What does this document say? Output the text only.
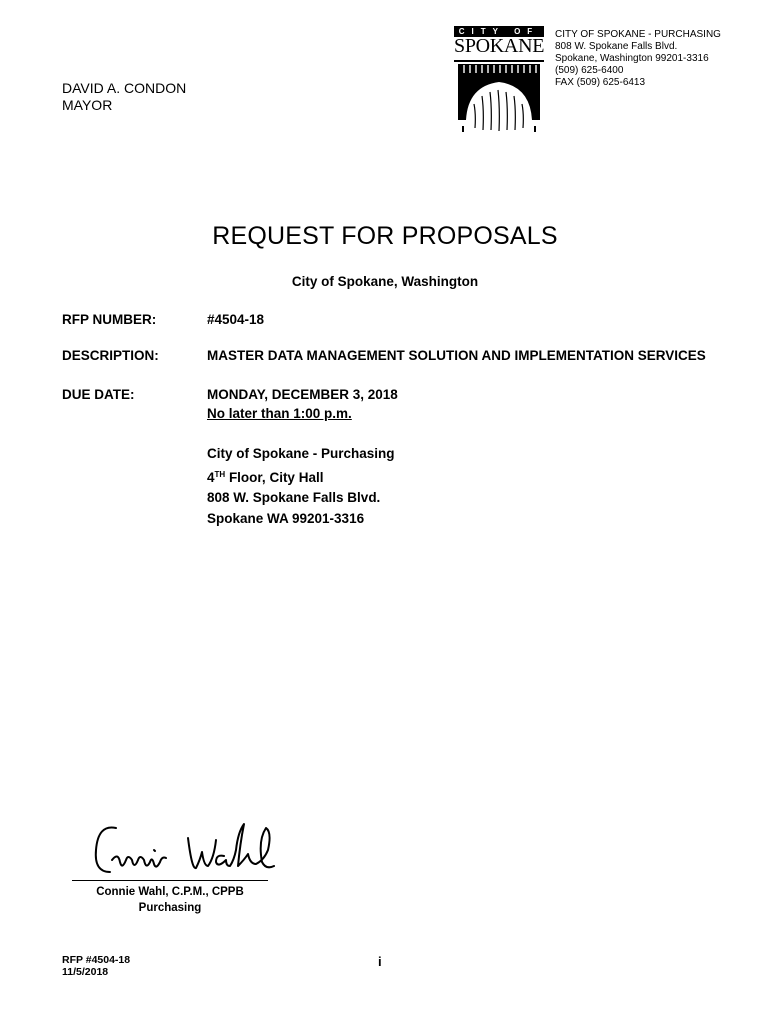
DAVID A. CONDON
MAYOR
CITY OF
SPOKANE
CITY OF SPOKANE - PURCHASING
808 W. Spokane Falls Blvd.
Spokane, Washington 99201-3316
(509) 625-6400
FAX (509) 625-6413
REQUEST FOR PROPOSALS
City of Spokane, Washington
RFP NUMBER:	#4504-18
DESCRIPTION:	MASTER DATA MANAGEMENT SOLUTION AND IMPLEMENTATION SERVICES
DUE DATE:	MONDAY, DECEMBER 3, 2018
No later than 1:00 p.m.
City of Spokane - Purchasing
4TH Floor, City Hall
808 W. Spokane Falls Blvd.
Spokane WA 99201-3316
Connie Wahl, C.P.M., CPPB
Purchasing
RFP #4504-18
11/5/2018
i
